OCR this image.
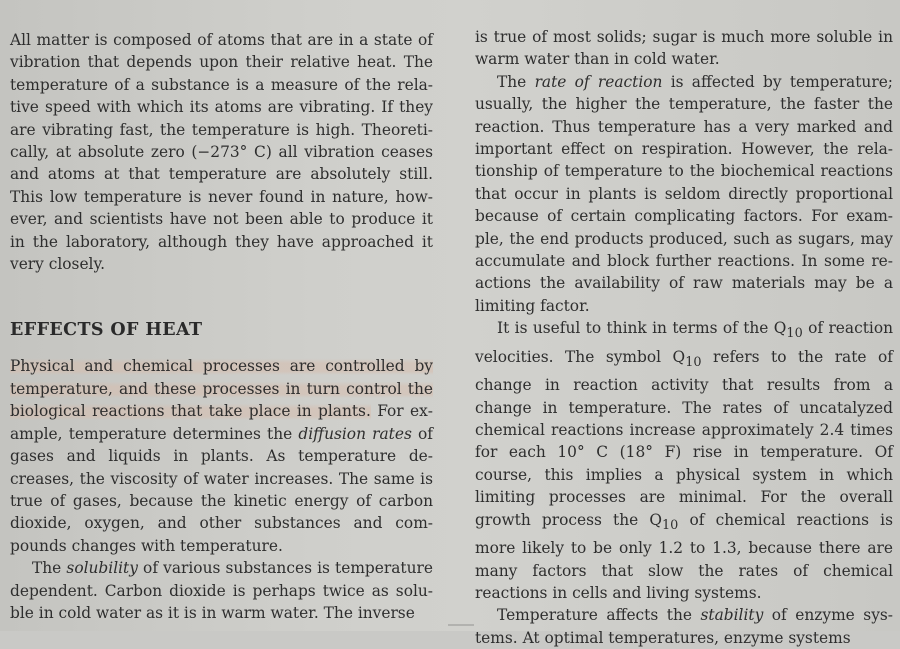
All matter is composed of atoms that are in a state of vibration that depends upon their relative heat. The temperature of a substance is a measure of the relative speed with which its atoms are vibrating. If they are vibrating fast, the temperature is high. Theoretically, at absolute zero (−273° C) all vibration ceases and atoms at that temperature are absolutely still. This low temperature is never found in nature, however, and scientists have not been able to produce it in the laboratory, although they have approached it very closely.

EFFECTS OF HEAT

Physical and chemical processes are controlled by temperature, and these processes in turn control the biological reactions that take place in plants. For example, temperature determines the diffusion rates of gases and liquids in plants. As temperature decreases, the viscosity of water increases. The same is true of gases, because the kinetic energy of carbon dioxide, oxygen, and other substances and compounds changes with temperature.

The solubility of various substances is temperature dependent. Carbon dioxide is perhaps twice as soluble in cold water as it is in warm water. The inverse

is true of most solids; sugar is much more soluble in warm water than in cold water.

The rate of reaction is affected by temperature; usually, the higher the temperature, the faster the reaction. Thus temperature has a very marked and important effect on respiration. However, the relationship of temperature to the biochemical reactions that occur in plants is seldom directly proportional because of certain complicating factors. For example, the end products produced, such as sugars, may accumulate and block further reactions. In some reactions the availability of raw materials may be a limiting factor.

It is useful to think in terms of the $Q_{10}$ of reaction velocities. The symbol $Q_{10}$ refers to the rate of change in reaction activity that results from a change in temperature. The rates of uncatalyzed chemical reactions increase approximately 2.4 times for each 10° C (18° F) rise in temperature. Of course, this implies a physical system in which limiting processes are minimal. For the overall growth process the $Q_{10}$ of chemical reactions is more likely to be only 1.2 to 1.3, because there are many factors that slow the rates of chemical reactions in cells and living systems.

Temperature affects the stability of enzyme systems. At optimal temperatures, enzyme systems
